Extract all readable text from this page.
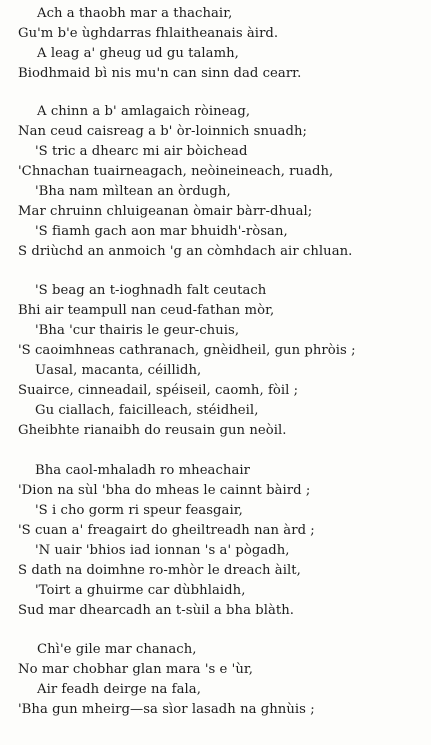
Ach a thaobh mar a thachair,
Gu'm b'e ùghdarras fhlaitheanais àird.
A leag a' gheug ud gu talamh,
Biodhmaid bì nis mu'n can sinn dad cearr.
A chinn a b' amlagaich ròineag,
Nan ceud caisreag a b' òr-loinnich snuadh;
'S tric a dhearc mi air bòichead
'Chnachan tuairneagach, neòineineach, ruadh,
'Bha nam mìltean an òrdugh,
Mar chruinn chluigeanan òmair bàrr-dhual;
'S fiamh gach aon mar bhuidh'-ròsan,
S driùchd an anmoich 'g an còmhdach air chluan.
'S beag an t-ioghnadh falt ceutach
Bhi air teampull nan ceud-fathan mòr,
'Bha 'cur thairis le geur-chuis,
'S caoimhneas cathranach, gnèidheil, gun phròis ;
Uasal, macanta, céillidh,
Suairce, cinneadail, spéiseil, caomh, fòil ;
Gu ciallach, faicilleach, stéidheil,
Gheibhte rianaibh do reusain gun neòil.
Bha caol-mhaladh ro mheachair
'Dion na sùl 'bha do mheas le cainnt bàird ;
'S i cho gorm ri speur feasgair,
'S cuan a' freagairt do gheiltreadh nan àrd ;
'N uair 'bhios iad ionnan 's a' pògadh,
S dath na doimhne ro-mhòr le dreach àilt,
'Toirt a ghuirme car dùbhlaidh,
Sud mar dhearcadh an t-sùil a bha blàth.
Chì'e gile mar chanach,
No mar chobhar glan mara 's e 'ùr,
Air feadh deirge na fala,
'Bha gun mheirg—sa sìor lasadh na ghnùis ;
